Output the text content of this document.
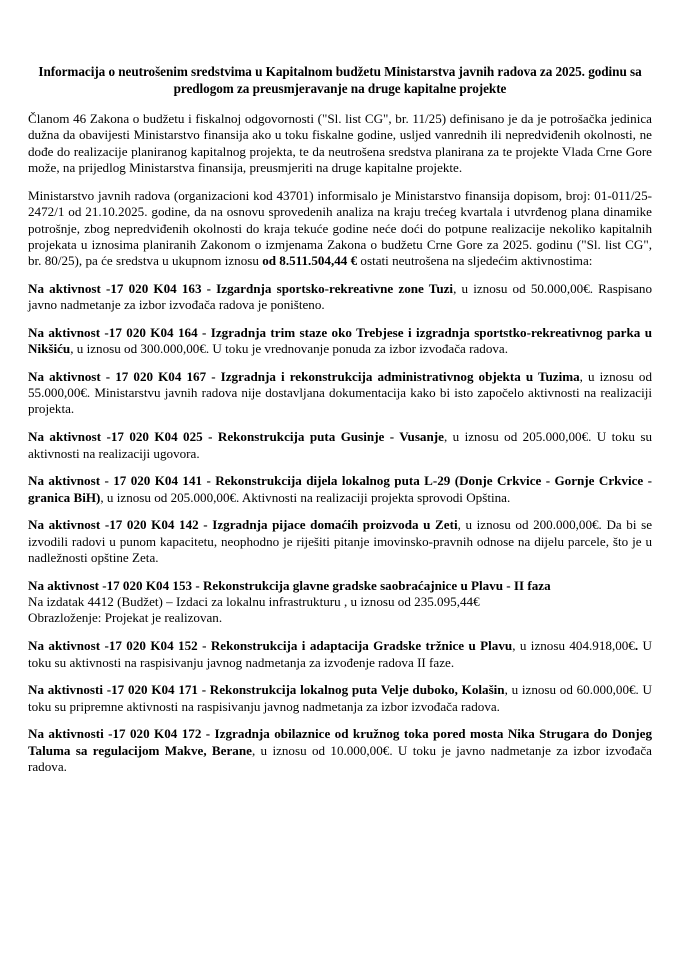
Informacija o neutrošenim sredstvima u Kapitalnom budžetu Ministarstva javnih radova za 2025. godinu sa predlogom za preusmjeravanje na druge kapitalne projekte

Članom 46 Zakona o budžetu i fiskalnoj odgovornosti ("Sl. list CG", br. 11/25) definisano je da je potrošačka jedinica dužna da obavijesti Ministarstvo finansija ako u toku fiskalne godine, usljed vanrednih ili nepredviđenih okolnosti, ne dođe do realizacije planiranog kapitalnog projekta, te da neutrošena sredstva planirana za te projekte Vlada Crne Gore može, na prijedlog Ministarstva finansija, preusmjeriti na druge kapitalne projekte.

Ministarstvo javnih radova (organizacioni kod 43701) informisalo je Ministarstvo finansija dopisom, broj: 01-011/25-2472/1 od 21.10.2025. godine, da na osnovu sprovedenih analiza na kraju trećeg kvartala i utvrđenog plana dinamike potrošnje, zbog nepredviđenih okolnosti do kraja tekuće godine neće doći do potpune realizacije nekoliko kapitalnih projekata u iznosima planiranih Zakonom o izmjenama Zakona o budžetu Crne Gore za 2025. godinu ("Sl. list CG", br. 80/25), pa će sredstva u ukupnom iznosu od 8.511.504,44 € ostati neutrošena na sljedećim aktivnostima:

Na aktivnost -17 020 K04 163 - Izgardnja sportsko-rekreativne zone Tuzi, u iznosu od 50.000,00€. Raspisano javno nadmetanje za izbor izvođača radova je poništeno.

Na aktivnost -17 020 K04 164 - Izgradnja trim staze oko Trebjese i izgradnja sportstko-rekreativnog parka u Nikšiću, u iznosu od 300.000,00€. U toku je vrednovanje ponuda za izbor izvođača radova.

Na aktivnost - 17 020 K04 167 - Izgradnja i rekonstrukcija administrativnog objekta u Tuzima, u iznosu od 55.000,00€. Ministarstvu javnih radova nije dostavljana dokumentacija kako bi isto započelo aktivnosti na realizaciji projekta.

Na aktivnost -17 020 K04 025 - Rekonstrukcija puta Gusinje - Vusanje, u iznosu od 205.000,00€. U toku su aktivnosti na realizaciji ugovora.

Na aktivnost - 17 020 K04 141 - Rekonstrukcija dijela lokalnog puta L-29 (Donje Crkvice - Gornje Crkvice - granica BiH), u iznosu od 205.000,00€. Aktivnosti na realizaciji projekta sprovodi Opština.

Na aktivnost -17 020 K04 142 - Izgradnja pijace domaćih proizvoda u Zeti, u iznosu od 200.000,00€. Da bi se izvodili radovi u punom kapacitetu, neophodno je riješiti pitanje imovinsko-pravnih odnose na dijelu parcele, što je u nadležnosti opštine Zeta.

Na aktivnost -17 020 K04 153 - Rekonstrukcija glavne gradske saobraćajnice u Plavu - II faza
Na izdatak 4412 (Budžet) – Izdaci za lokalnu infrastrukturu , u iznosu od 235.095,44€
Obrazloženje: Projekat je realizovan.

Na aktivnost -17 020 K04 152 - Rekonstrukcija i adaptacija Gradske tržnice u Plavu, u iznosu 404.918,00€. U toku su aktivnosti na raspisivanju javnog nadmetanja za izvođenje radova II faze.

Na aktivnosti -17 020 K04 171 - Rekonstrukcija lokalnog puta Velje duboko, Kolašin, u iznosu od 60.000,00€. U toku su pripremne aktivnosti na raspisivanju javnog nadmetanja za izbor izvođača radova.

Na aktivnosti -17 020 K04 172 - Izgradnja obilaznice od kružnog toka pored mosta Nika Strugara do Donjeg Taluma sa regulacijom Makve, Berane, u iznosu od 10.000,00€. U toku je javno nadmetanje za izbor izvođača radova.
